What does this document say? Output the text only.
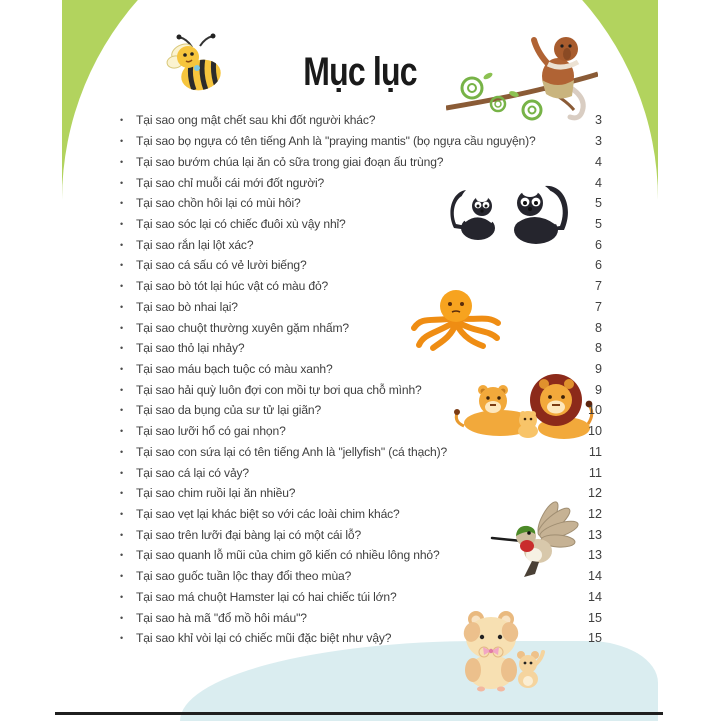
Mục lục
•	Tại sao ong mật chết sau khi đốt người khác?	3
•	Tại sao bọ ngựa có tên tiếng Anh là "praying mantis" (bọ ngựa cầu nguyện)?	3
•	Tại sao bướm chúa lại ăn cỏ sữa trong giai đoạn ấu trùng?	4
•	Tại sao chỉ muỗi cái mới đốt người?	4
•	Tại sao chồn hôi lại có mùi hôi?	5
•	Tại sao sóc lại có chiếc đuôi xù vậy nhỉ?	5
•	Tại sao rắn lại lột xác?	6
•	Tại sao cá sấu có vẻ lười biếng?	6
•	Tại sao bò tót lại húc vật có màu đỏ?	7
•	Tại sao bò nhai lại?	7
•	Tại sao chuột thường xuyên gặm nhấm?	8
•	Tại sao thỏ lại nhảy?	8
•	Tại sao máu bạch tuộc có màu xanh?	9
•	Tại sao hải quỳ luôn đợi con mồi tự bơi qua chỗ mình?	9
•	Tại sao da bụng của sư tử lại giãn?	10
•	Tại sao lưỡi hổ có gai nhọn?	10
•	Tại sao con sứa lại có tên tiếng Anh là "jellyfish" (cá thạch)?	11
•	Tại sao cá lại có vảy?	11
•	Tại sao chim ruồi lại ăn nhiều?	12
•	Tại sao vẹt lại khác biệt so với các loài chim khác?	12
•	Tại sao trên lưỡi đại bàng lại có một cái lỗ?	13
•	Tại sao quanh lỗ mũi của chim gõ kiến có nhiều lông nhỏ?	13
•	Tại sao guốc tuần lộc thay đổi theo mùa?	14
•	Tại sao má chuột Hamster lại có hai chiếc túi lớn?	14
•	Tại sao hà mã "đổ mồ hôi máu"?	15
•	Tại sao khỉ vòi lại có chiếc mũi đặc biệt như vậy?	15
